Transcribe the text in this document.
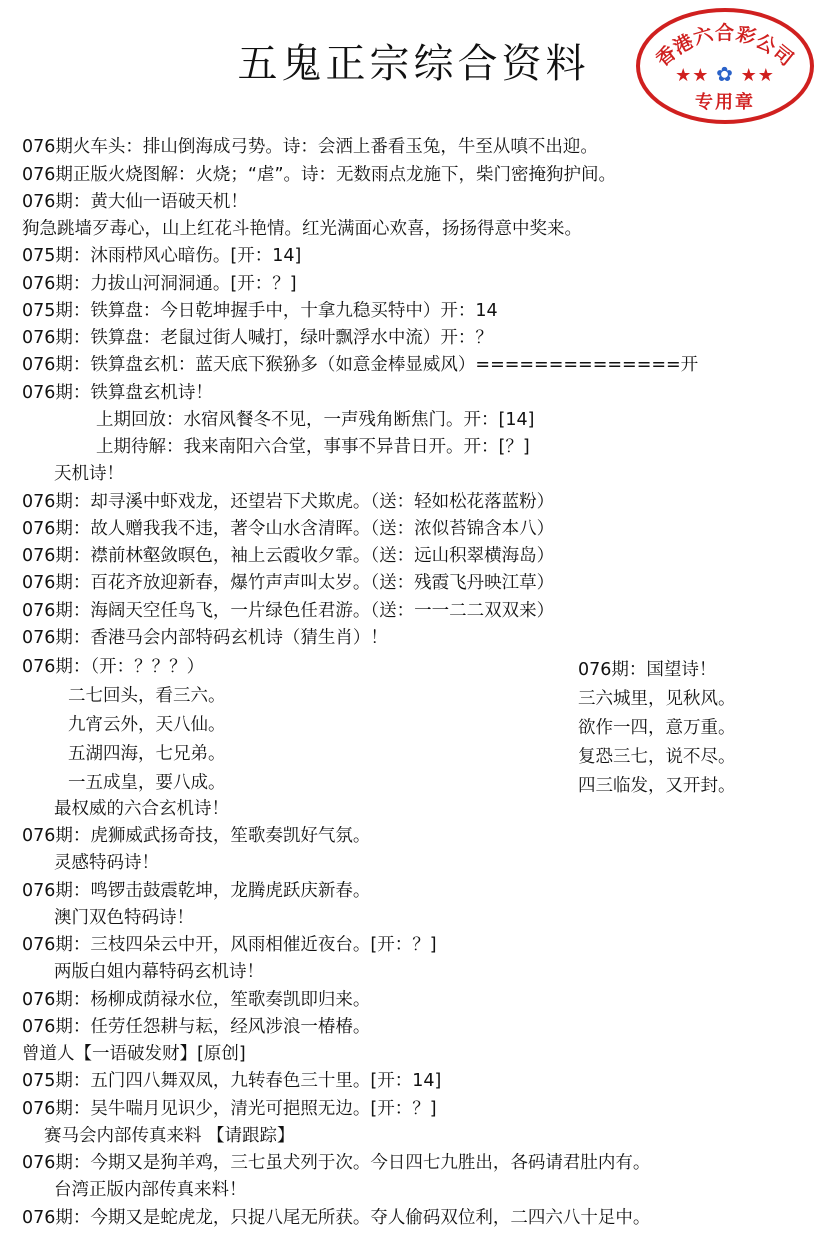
五鬼正宗综合资料	香港六合彩公司
★★ ✿ ★★
专用章
076期火车头：排山倒海成弓势。诗：会洒上番看玉兔，牛至从嗔不出迎。
076期正版火烧图解：火烧；“虐”。诗：无数雨点龙施下，柴门密掩狗护间。
076期：黄大仙一语破天机！
狗急跳墙歹毒心，山上红花斗艳情。红光满面心欢喜，扬扬得意中奖来。
075期：沐雨栉风心暗伤。[开：14]
076期：力拔山河洞洞通。[开：？]
075期：铁算盘：今日乾坤握手中，十拿九稳买特中）开：14
076期：铁算盘：老鼠过街人喊打，绿叶飘浮水中流）开：？
076期：铁算盘玄机：蓝天底下猴狲多（如意金棒显威风）==============开
076期：铁算盘玄机诗！
上期回放：水宿风餐冬不见，一声残角断焦门。开：[14]
上期待解：我来南阳六合堂，事事不异昔日开。开：[？]
天机诗！
076期：却寻溪中虾戏龙，还望岩下犬欺虎。（送：轻如松花落蓝粉）
076期：故人赠我我不违，著令山水含清晖。（送：浓似苔锦含本八）
076期：襟前林壑敛暝色，袖上云霞收夕霏。（送：远山积翠横海岛）
076期：百花齐放迎新春，爆竹声声叫太岁。（送：残霞飞丹映江草）
076期：海阔天空任鸟飞，一片绿色任君游。（送：一一二二双双来）
076期：香港马会内部特码玄机诗（猜生肖）！
076期：（开：？？？）
二七回头，看三六。
九宵云外，天八仙。
五湖四海，七兄弟。
一五成皇，要八成。
最权威的六合玄机诗！
076期：虎狮威武扬奇技，笙歌奏凯好气氛。
灵感特码诗！
076期：鸣锣击鼓震乾坤，龙腾虎跃庆新春。
澳门双色特码诗！
076期：三枝四朵云中开，风雨相催近夜台。[开：？]
两版白姐内幕特码玄机诗！
076期：杨柳成荫禄水位，笙歌奏凯即归来。
076期：任劳任怨耕与耘，经风涉浪一椿椿。
曾道人【一语破发财】[原创]
075期：五门四八舞双凤，九转春色三十里。[开：14]
076期：吴牛喘月见识少，清光可挹照无边。[开：？]
赛马会内部传真来料 【请跟踪】
076期：今期又是狗羊鸡，三七虽犬列于次。今日四七九胜出，各码请君肚内有。
台湾正版内部传真来料！
076期：今期又是蛇虎龙，只捉八尾无所获。夺人偷码双位利，二四六八十足中。
076期：国望诗！
三六城里，见秋风。
欲作一四，意万重。
复恐三七，说不尽。
四三临发，又开封。
